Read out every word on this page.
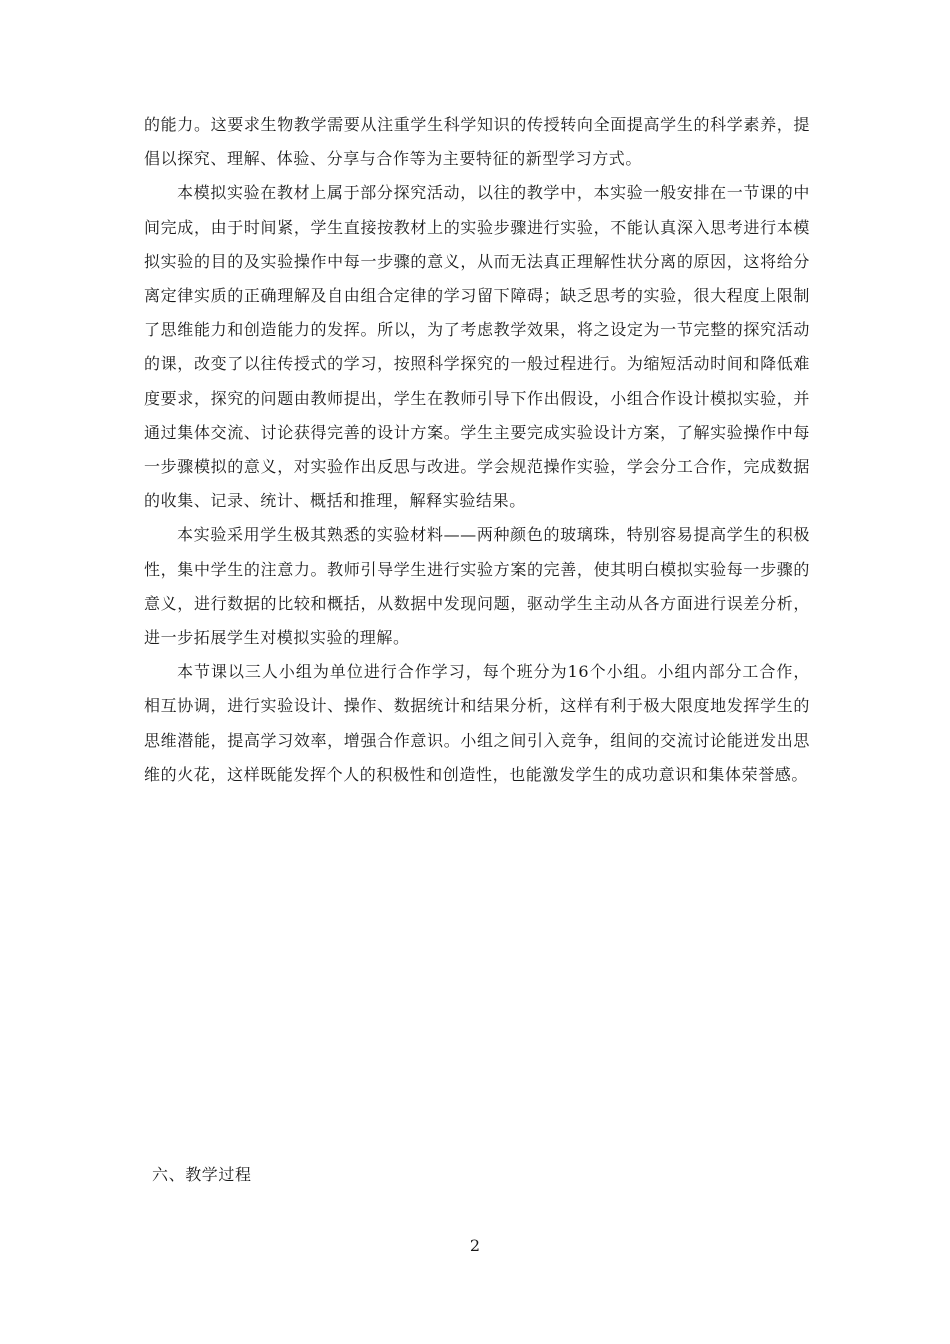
的能力。这要求生物教学需要从注重学生科学知识的传授转向全面提高学生的科学素养，提倡以探究、理解、体验、分享与合作等为主要特征的新型学习方式。

本模拟实验在教材上属于部分探究活动，以往的教学中，本实验一般安排在一节课的中间完成，由于时间紧，学生直接按教材上的实验步骤进行实验，不能认真深入思考进行本模拟实验的目的及实验操作中每一步骤的意义，从而无法真正理解性状分离的原因，这将给分离定律实质的正确理解及自由组合定律的学习留下障碍；缺乏思考的实验，很大程度上限制了思维能力和创造能力的发挥。所以，为了考虑教学效果，将之设定为一节完整的探究活动的课，改变了以往传授式的学习，按照科学探究的一般过程进行。为缩短活动时间和降低难度要求，探究的问题由教师提出，学生在教师引导下作出假设，小组合作设计模拟实验，并通过集体交流、讨论获得完善的设计方案。学生主要完成实验设计方案，了解实验操作中每一步骤模拟的意义，对实验作出反思与改进。学会规范操作实验，学会分工合作，完成数据的收集、记录、统计、概括和推理，解释实验结果。

本实验采用学生极其熟悉的实验材料——两种颜色的玻璃珠，特别容易提高学生的积极性，集中学生的注意力。教师引导学生进行实验方案的完善，使其明白模拟实验每一步骤的意义，进行数据的比较和概括，从数据中发现问题，驱动学生主动从各方面进行误差分析，进一步拓展学生对模拟实验的理解。

本节课以三人小组为单位进行合作学习，每个班分为16个小组。小组内部分工合作，相互协调，进行实验设计、操作、数据统计和结果分析，这样有利于极大限度地发挥学生的思维潜能，提高学习效率，增强合作意识。小组之间引入竞争，组间的交流讨论能迸发出思维的火花，这样既能发挥个人的积极性和创造性，也能激发学生的成功意识和集体荣誉感。

六、教学过程
2
